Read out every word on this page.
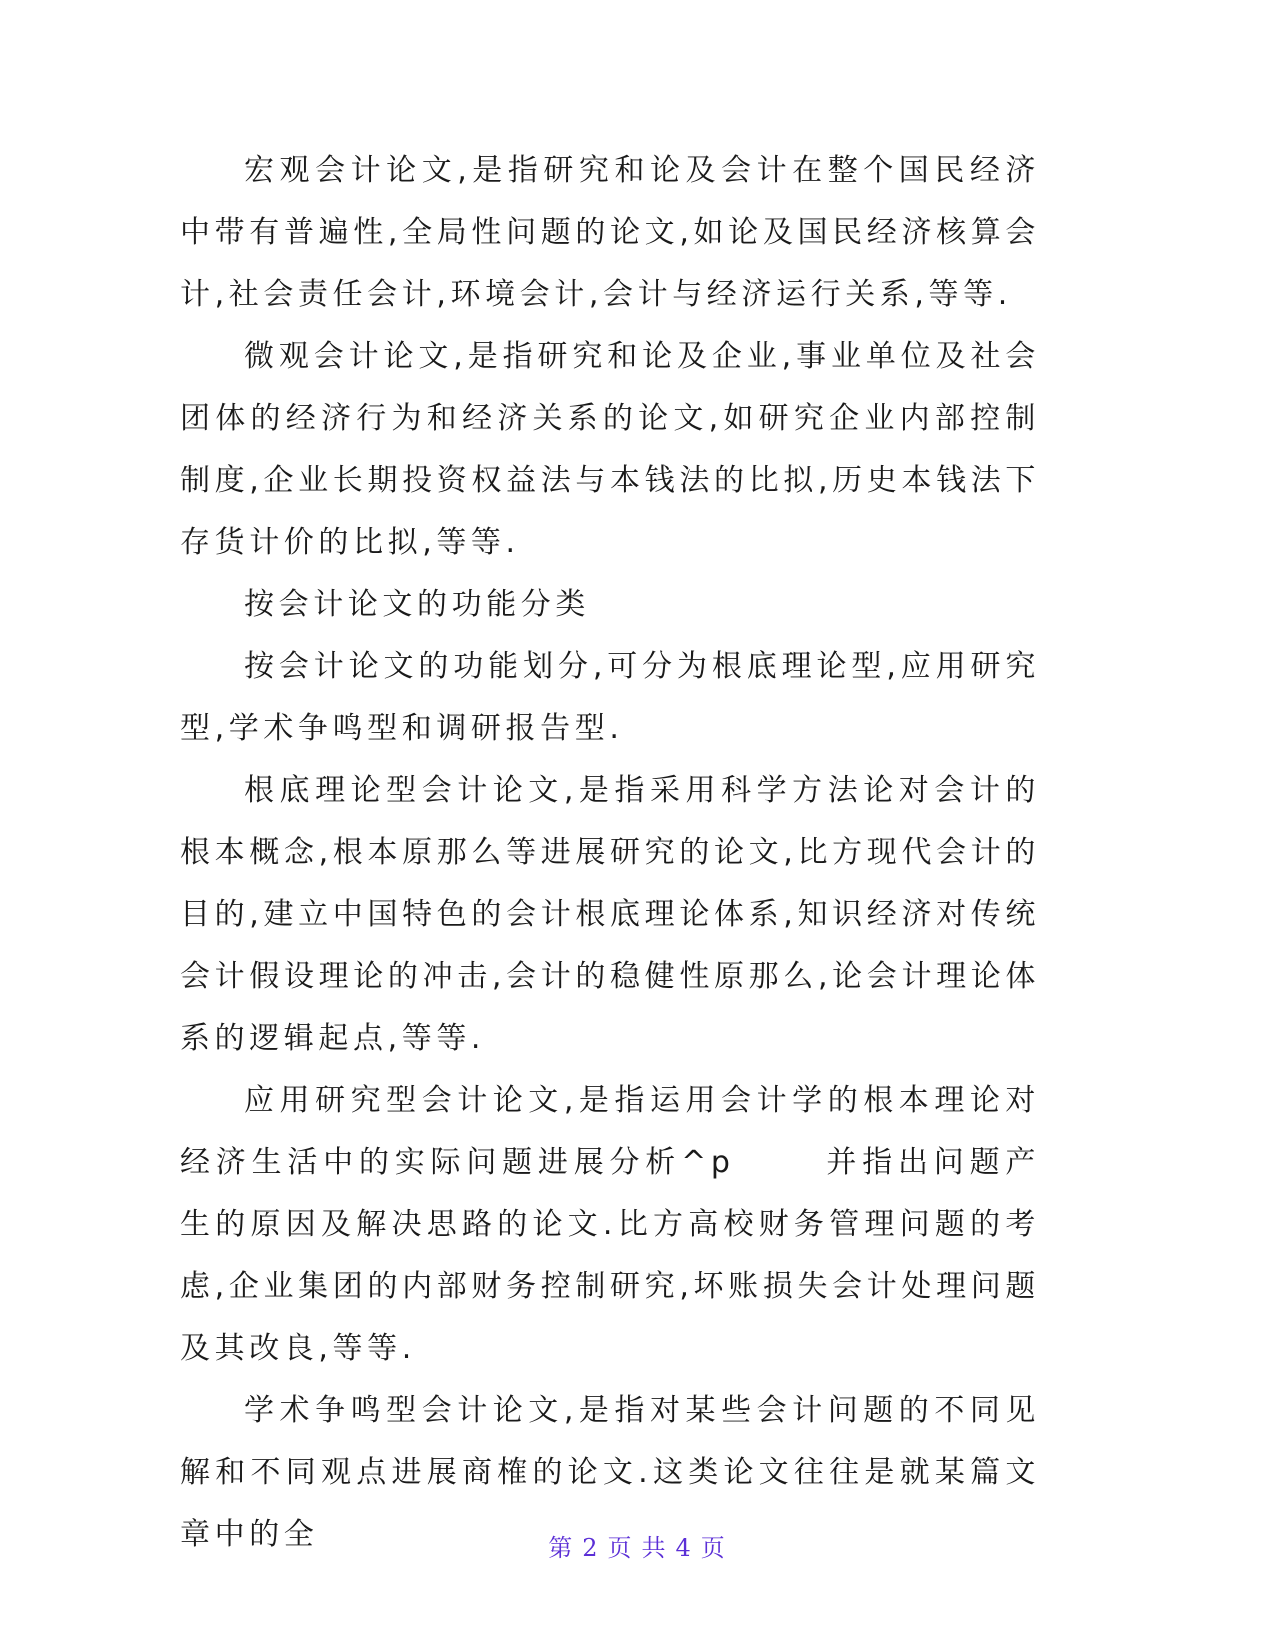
宏观会计论文,是指研究和论及会计在整个国民经济中带有普遍性,全局性问题的论文,如论及国民经济核算会计,社会责任会计,环境会计,会计与经济运行关系,等等.

微观会计论文,是指研究和论及企业,事业单位及社会团体的经济行为和经济关系的论文,如研究企业内部控制制度,企业长期投资权益法与本钱法的比拟,历史本钱法下存货计价的比拟,等等.

按会计论文的功能分类

按会计论文的功能划分,可分为根底理论型,应用研究型,学术争鸣型和调研报告型.

根底理论型会计论文,是指采用科学方法论对会计的根本概念,根本原那么等进展研究的论文,比方现代会计的目的,建立中国特色的会计根底理论体系,知识经济对传统会计假设理论的冲击,会计的稳健性原那么,论会计理论体系的逻辑起点,等等.

应用研究型会计论文,是指运用会计学的根本理论对经济生活中的实际问题进展分析^p      并指出问题产生的原因及解决思路的论文.比方高校财务管理问题的考虑,企业集团的内部财务控制研究,坏账损失会计处理问题及其改良,等等.

学术争鸣型会计论文,是指对某些会计问题的不同见解和不同观点进展商榷的论文.这类论文往往是就某篇文章中的全	第 2 页 共 4 页
